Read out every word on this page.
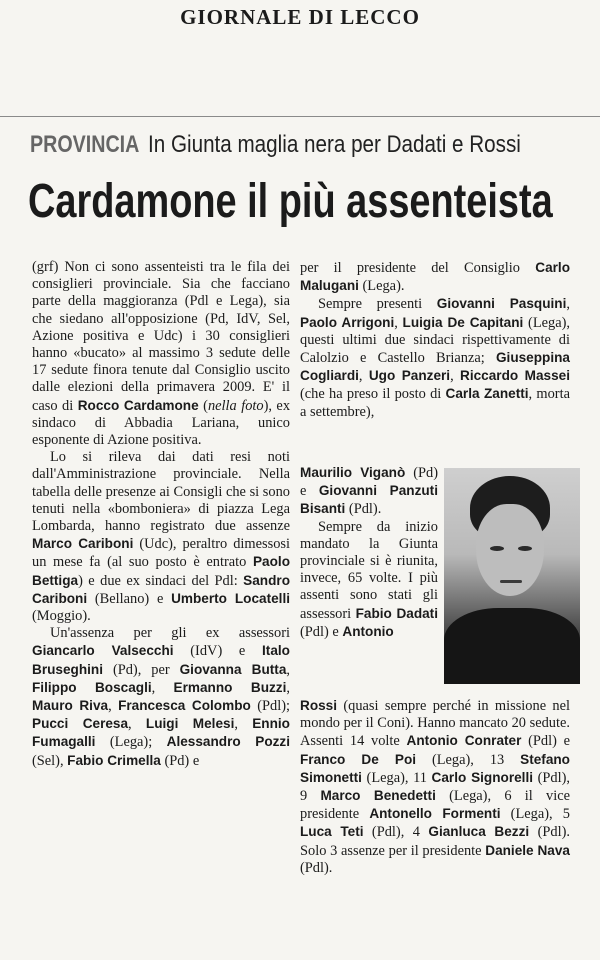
GIORNALE DI LECCO
PROVINCIA In Giunta maglia nera per Dadati e Rossi
Cardamone il più assenteista

(grf) Non ci sono assenteisti tra le fila dei consiglieri provinciale. Sia che facciano parte della maggioranza (Pdl e Lega), sia che siedano all'opposizione (Pd, IdV, Sel, Azione positiva e Udc) i 30 consiglieri hanno «bucato» al massimo 3 sedute delle 17 sedute finora tenute dal Consiglio uscito dalle elezioni della primavera 2009. E' il caso di Rocco Cardamone (nella foto), ex sindaco di Abbadia Lariana, unico esponente di Azione positiva.

Lo si rileva dai dati resi noti dall'Amministrazione provinciale. Nella tabella delle presenze ai Consigli che si sono tenuti nella «bomboniera» di piazza Lega Lombarda, hanno registrato due assenze Marco Cariboni (Udc), peraltro dimessosi un mese fa (al suo posto è entrato Paolo Bettiga) e due ex sindaci del Pdl: Sandro Cariboni (Bellano) e Umberto Locatelli (Moggio).

Un'assenza per gli ex assessori Giancarlo Valsecchi (IdV) e Italo Bruseghini (Pd), per Giovanna Butta, Filippo Boscagli, Ermanno Buzzi, Mauro Riva, Francesca Colombo (Pdl); Pucci Ceresa, Luigi Melesi, Ennio Fumagalli (Lega); Alessandro Pozzi (Sel), Fabio Crimella (Pd) e

per il presidente del Consiglio Carlo Malugani (Lega).

Sempre presenti Giovanni Pasquini, Paolo Arrigoni, Luigia De Capitani (Lega), questi ultimi due sindaci rispettivamente di Calolzio e Castello Brianza; Giuseppina Cogliardi, Ugo Panzeri, Riccardo Massei (che ha preso il posto di Carla Zanetti, morta a settembre),

Maurilio Viganò (Pd) e Giovanni Panzuti Bisanti (Pdl).

Sempre da inizio mandato la Giunta provinciale si è riunita, invece, 65 volte. I più assenti sono stati gli assessori Fabio Dadati (Pdl) e Antonio

Rossi (quasi sempre perché in missione nel mondo per il Coni). Hanno mancato 20 sedute. Assenti 14 volte Antonio Conrater (Pdl) e Franco De Poi (Lega), 13 Stefano Simonetti (Lega), 11 Carlo Signorelli (Pdl), 9 Marco Benedetti (Lega), 6 il vice presidente Antonello Formenti (Lega), 5 Luca Teti (Pdl), 4 Gianluca Bezzi (Pdl). Solo 3 assenze per il presidente Daniele Nava (Pdl).
